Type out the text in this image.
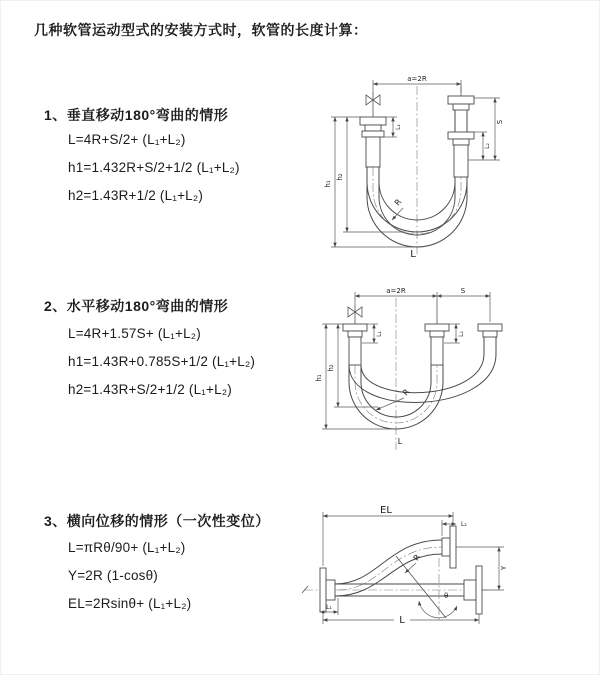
几种软管运动型式的安装方式时，软管的长度计算：
1、垂直移动180°弯曲的情形
L=4R+S/2+ (L₁+L₂)
h1=1.432R+S/2+1/2 (L₁+L₂)
h2=1.43R+1/2 (L₁+L₂)
2、水平移动180°弯曲的情形
L=4R+1.57S+ (L₁+L₂)
h1=1.43R+0.785S+1/2 (L₁+L₂)
h2=1.43R+S/2+1/2 (L₁+L₂)
3、横向位移的情形（一次性变位）
L=πRθ/90+ (L₁+L₂)
Y=2R (1-cosθ)
EL=2Rsinθ+ (L₁+L₂)
a=2R
h₁
h₂
L₁
S
L₂
R
L
a=2R	S
h₁
h₂
L₁	L₂
R
L
θ
R
EL
L₂
Y
L
L₁
